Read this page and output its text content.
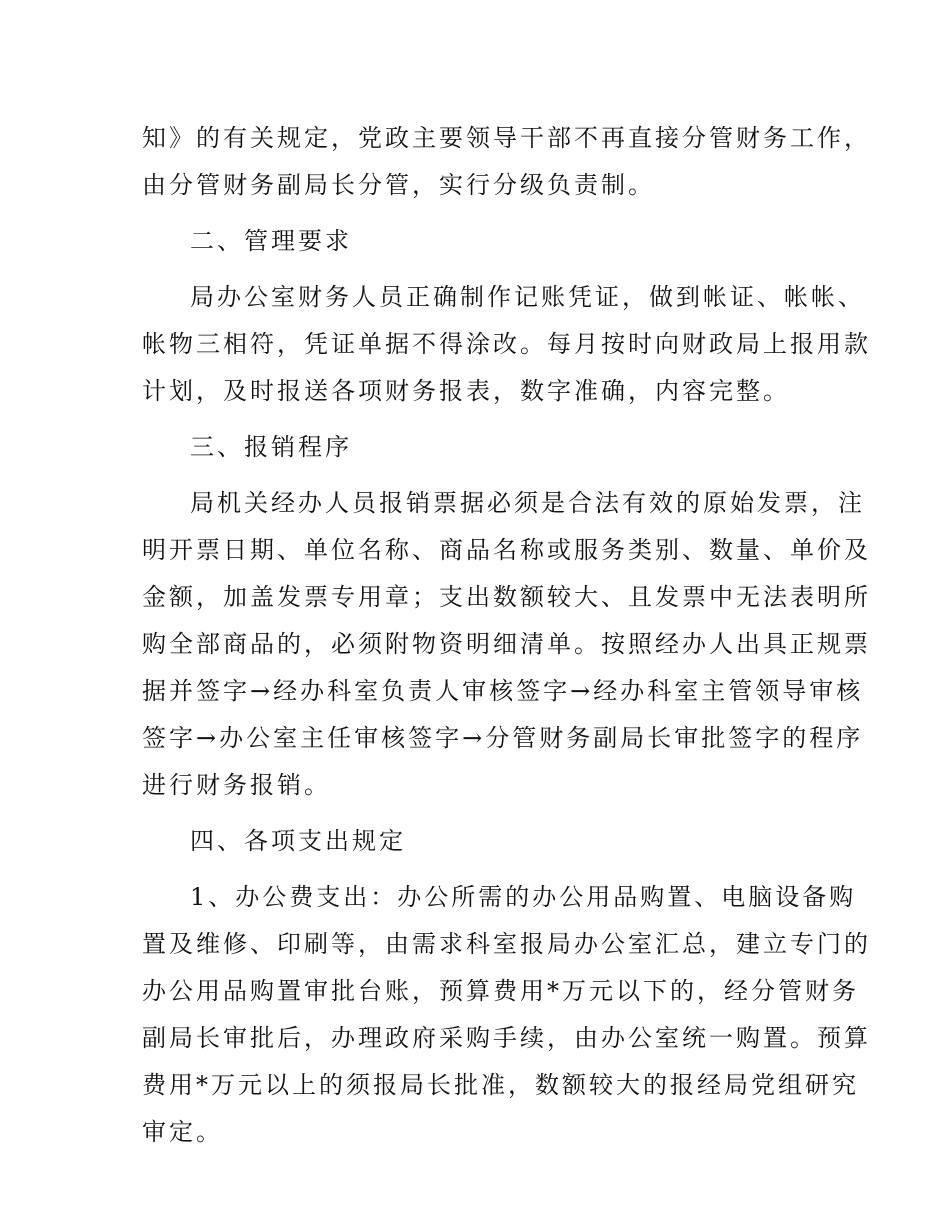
知》的有关规定，党政主要领导干部不再直接分管财务工作，
由分管财务副局长分管，实行分级负责制。
二、管理要求
局办公室财务人员正确制作记账凭证，做到帐证、帐帐、
帐物三相符，凭证单据不得涂改。每月按时向财政局上报用款
计划，及时报送各项财务报表，数字准确，内容完整。
三、报销程序
局机关经办人员报销票据必须是合法有效的原始发票，注
明开票日期、单位名称、商品名称或服务类别、数量、单价及
金额，加盖发票专用章；支出数额较大、且发票中无法表明所
购全部商品的，必须附物资明细清单。按照经办人出具正规票
据并签字→经办科室负责人审核签字→经办科室主管领导审核
签字→办公室主任审核签字→分管财务副局长审批签字的程序
进行财务报销。
四、各项支出规定
1、办公费支出：办公所需的办公用品购置、电脑设备购
置及维修、印刷等，由需求科室报局办公室汇总，建立专门的
办公用品购置审批台账，预算费用*万元以下的，经分管财务
副局长审批后，办理政府采购手续，由办公室统一购置。预算
费用*万元以上的须报局长批准，数额较大的报经局党组研究
审定。
